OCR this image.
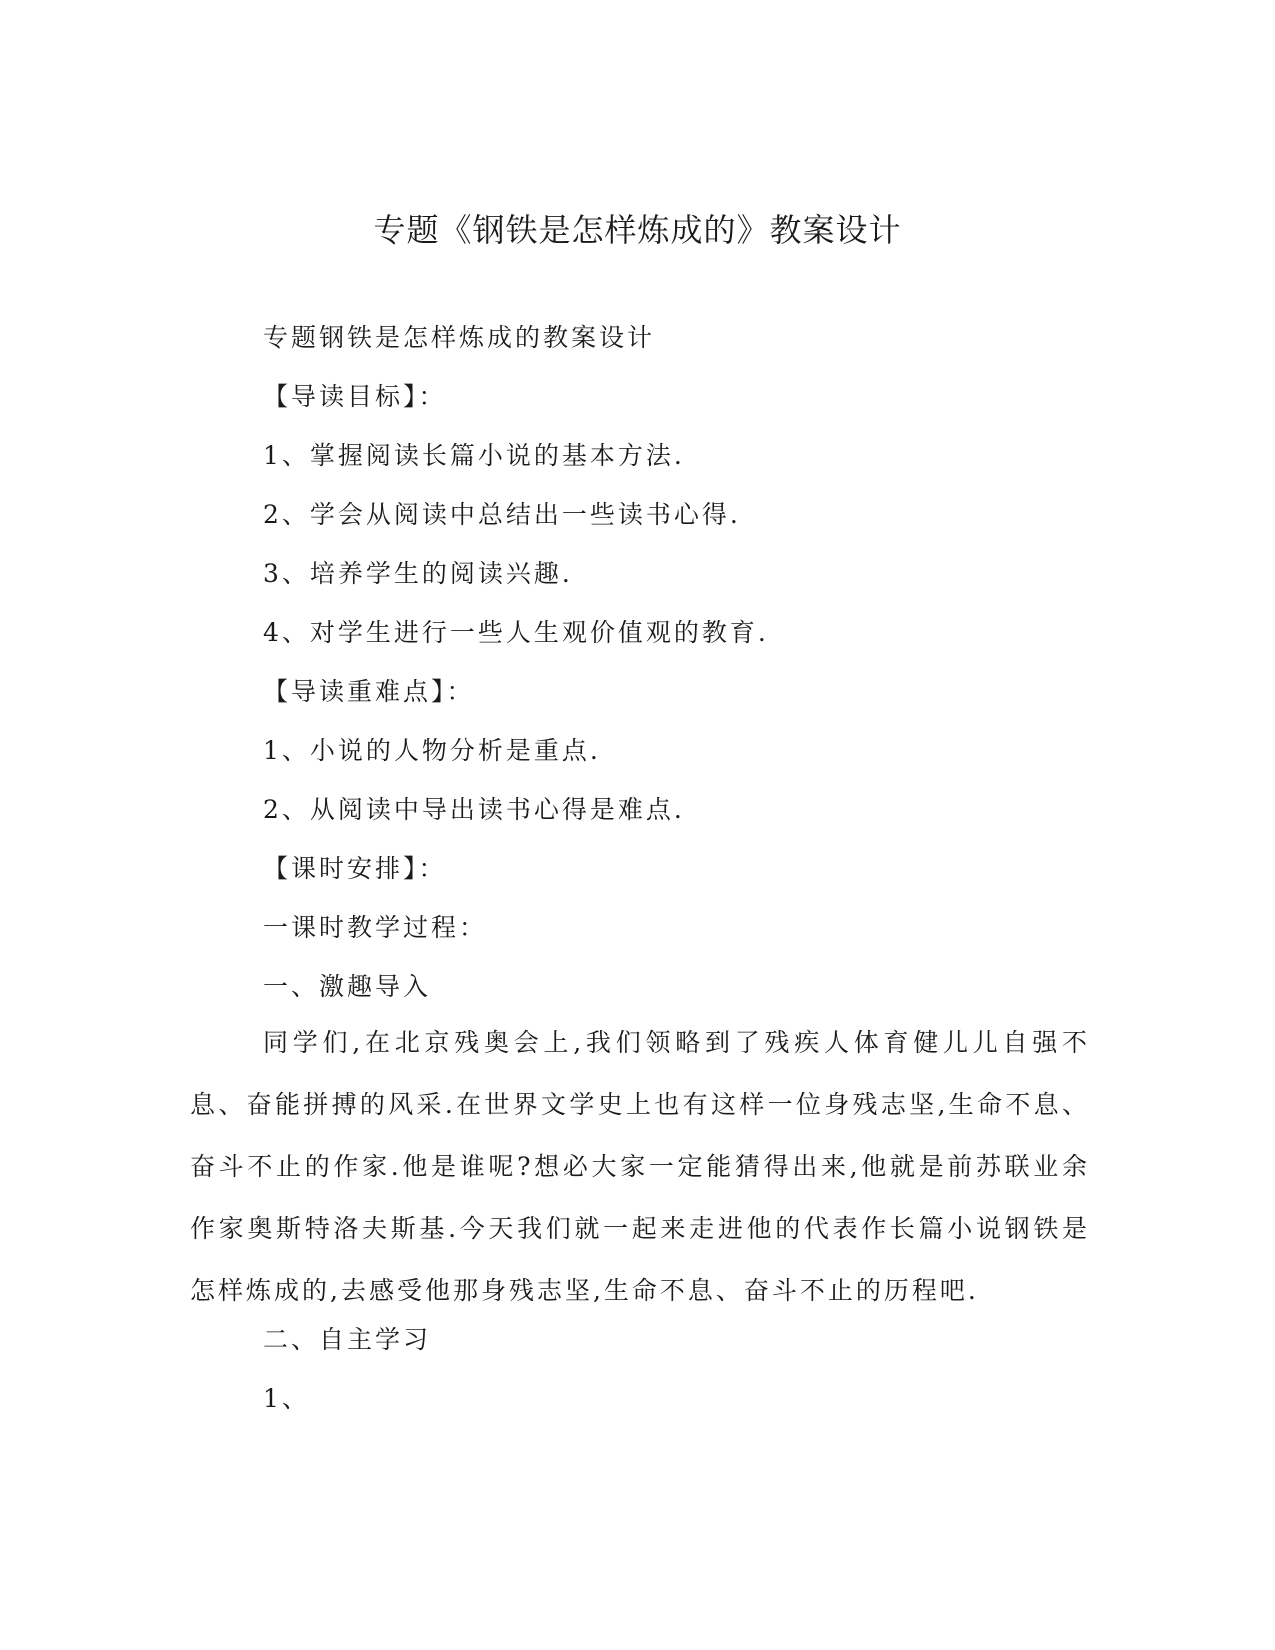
专题《钢铁是怎样炼成的》教案设计
专题钢铁是怎样炼成的教案设计
【导读目标】：
1、掌握阅读长篇小说的基本方法.
2、学会从阅读中总结出一些读书心得.
3、培养学生的阅读兴趣.
4、对学生进行一些人生观价值观的教育.
【导读重难点】：
1、小说的人物分析是重点.
2、从阅读中导出读书心得是难点.
【课时安排】：
一课时教学过程：
一、激趣导入

同学们,在北京残奥会上,我们领略到了残疾人体育健儿儿自强不息、奋能拼搏的风采.在世界文学史上也有这样一位身残志坚,生命不息、奋斗不止的作家.他是谁呢?想必大家一定能猜得出来,他就是前苏联业余作家奥斯特洛夫斯基.今天我们就一起来走进他的代表作长篇小说钢铁是怎样炼成的,去感受他那身残志坚,生命不息、奋斗不止的历程吧.

二、自主学习
1、
